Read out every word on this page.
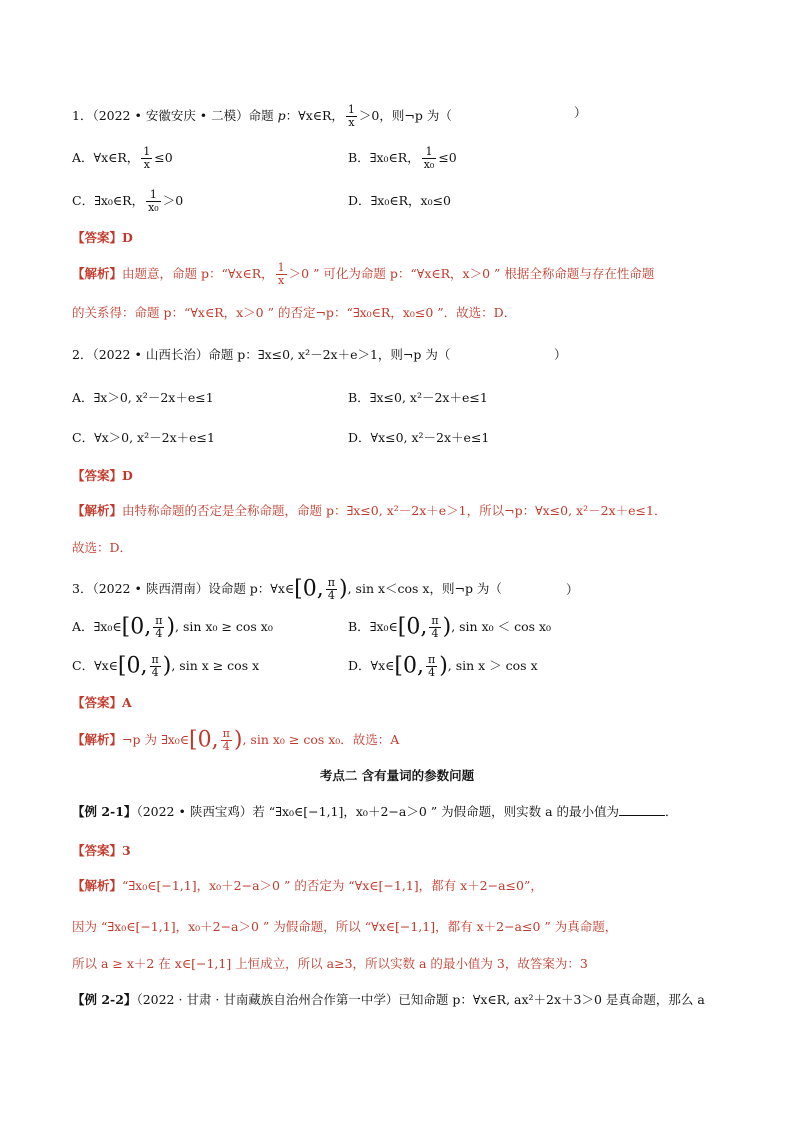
1．（2022 • 安徽安庆 • 二模）命题 p：∀x∈R， $\frac{1}{x} >0$，则¬p 为（	）
A．∀x∈R， $\frac{1}{x} \le 0$	B．∃x₀∈R， $\frac{1}{\text{x₀}} \le 0$
C．∃x₀∈R， $\frac{1}{\text{x₀}} >0$	D．∃x₀∈R，x₀≤0
【答案】D
【解析】由题意，命题 p：“∀x∈R， $\frac{1}{x} >0$ ” 可化为命题 p：“∀x∈R，x＞0 ” 根据全称命题与存在性命题
的关系得：命题 p：“∀x∈R，x＞0 ” 的否定¬p：“∃x₀∈R，x₀≤0 ”．故选：D．
2．（2022 • 山西长治）命题 p：∃x≤0, x²－2x＋e＞1，则¬p 为（	）
A．∃x＞0, x²－2x＋e≤1	B．∃x≤0, x²－2x＋e≤1
C．∀x＞0, x²－2x＋e≤1	D．∀x≤0, x²－2x＋e≤1
【答案】D
【解析】由特称命题的否定是全称命题，命题 p：∃x≤0, x²－2x＋e＞1，所以¬p：∀x≤0, x²－2x＋e≤1．
故选：D．
3．（2022 • 陕西渭南）设命题 p：∀x∈[0, $\frac{\pi}{4}$ ), sin x＜cos x，则¬p 为（	）
A．∃x₀∈[0, $\frac{\pi}{4}$ ), sin x₀ ≥ cos x₀	B．∃x₀∈[0, $\frac{\pi}{4}$ ), sin x₀ ＜ cos x₀
C．∀x∈[0, $\frac{\pi}{4}$ ), sin x ≥ cos x	D．∀x∈[0, $\frac{\pi}{4}$ ), sin x ＞ cos x
【答案】A
【解析】¬p 为 ∃x₀∈[0, $\frac{\pi}{4}$ ), sin x₀ ≥ cos x₀．故选：A
考点二 含有量词的参数问题
【例 2-1】（2022 • 陕西宝鸡）若 “∃x₀∈[−1,1]，x₀＋2−a＞0 ” 为假命题，则实数 a 的最小值为	．
【答案】3
【解析】“∃x₀∈[−1,1]，x₀＋2−a＞0 ” 的否定为 “∀x∈[−1,1]，都有 x＋2−a≤0”，
因为 “∃x₀∈[−1,1]，x₀＋2−a＞0 ” 为假命题，所以 “∀x∈[−1,1]，都有 x＋2−a≤0 ” 为真命题，
所以 a ≥ x＋2 在 x∈[−1,1] 上恒成立，所以 a≥3，所以实数 a 的最小值为 3，故答案为：3
【例 2-2】（2022 · 甘肃 · 甘南藏族自治州合作第一中学）已知命题 p：∀x∈R, ax²＋2x＋3＞0 是真命题，那么 a
